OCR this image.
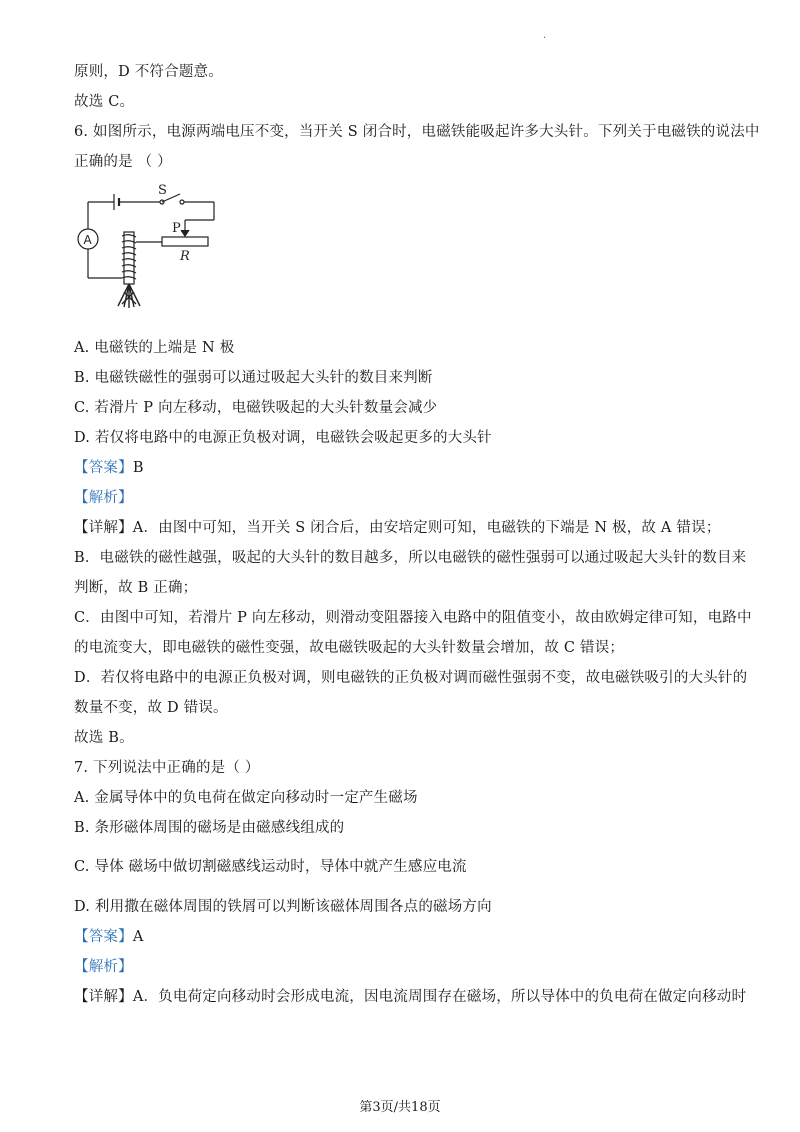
.
原则，D 不符合题意。
故选 C。
6. 如图所示，电源两端电压不变，当开关 S 闭合时，电磁铁能吸起许多大头针。下列关于电磁铁的说法中
正确的是 （ ）
S
P
R
A
A. 电磁铁的上端是 N 极
B. 电磁铁磁性的强弱可以通过吸起大头针的数目来判断
C. 若滑片 P 向左移动，电磁铁吸起的大头针数量会减少
D. 若仅将电路中的电源正负极对调，电磁铁会吸起更多的大头针
【答案】B
【解析】
【详解】A．由图中可知，当开关 S 闭合后，由安培定则可知，电磁铁的下端是 N 极，故 A 错误；
B．电磁铁的磁性越强，吸起的大头针的数目越多，所以电磁铁的磁性强弱可以通过吸起大头针的数目来
判断，故 B 正确；
C．由图中可知，若滑片 P 向左移动，则滑动变阻器接入电路中的阻值变小，故由欧姆定律可知，电路中
的电流变大，即电磁铁的磁性变强，故电磁铁吸起的大头针数量会增加，故 C 错误；
D．若仅将电路中的电源正负极对调，则电磁铁的正负极对调而磁性强弱不变，故电磁铁吸引的大头针的
数量不变，故 D 错误。
故选 B。
7. 下列说法中正确的是（ ）
A. 金属导体中的负电荷在做定向移动时一定产生磁场
B. 条形磁体周围的磁场是由磁感线组成的
C. 导体 磁场中做切割磁感线运动时，导体中就产生感应电流
D. 利用撒在磁体周围的铁屑可以判断该磁体周围各点的磁场方向
【答案】A
【解析】
【详解】A．负电荷定向移动时会形成电流，因电流周围存在磁场，所以导体中的负电荷在做定向移动时
第3页/共18页
